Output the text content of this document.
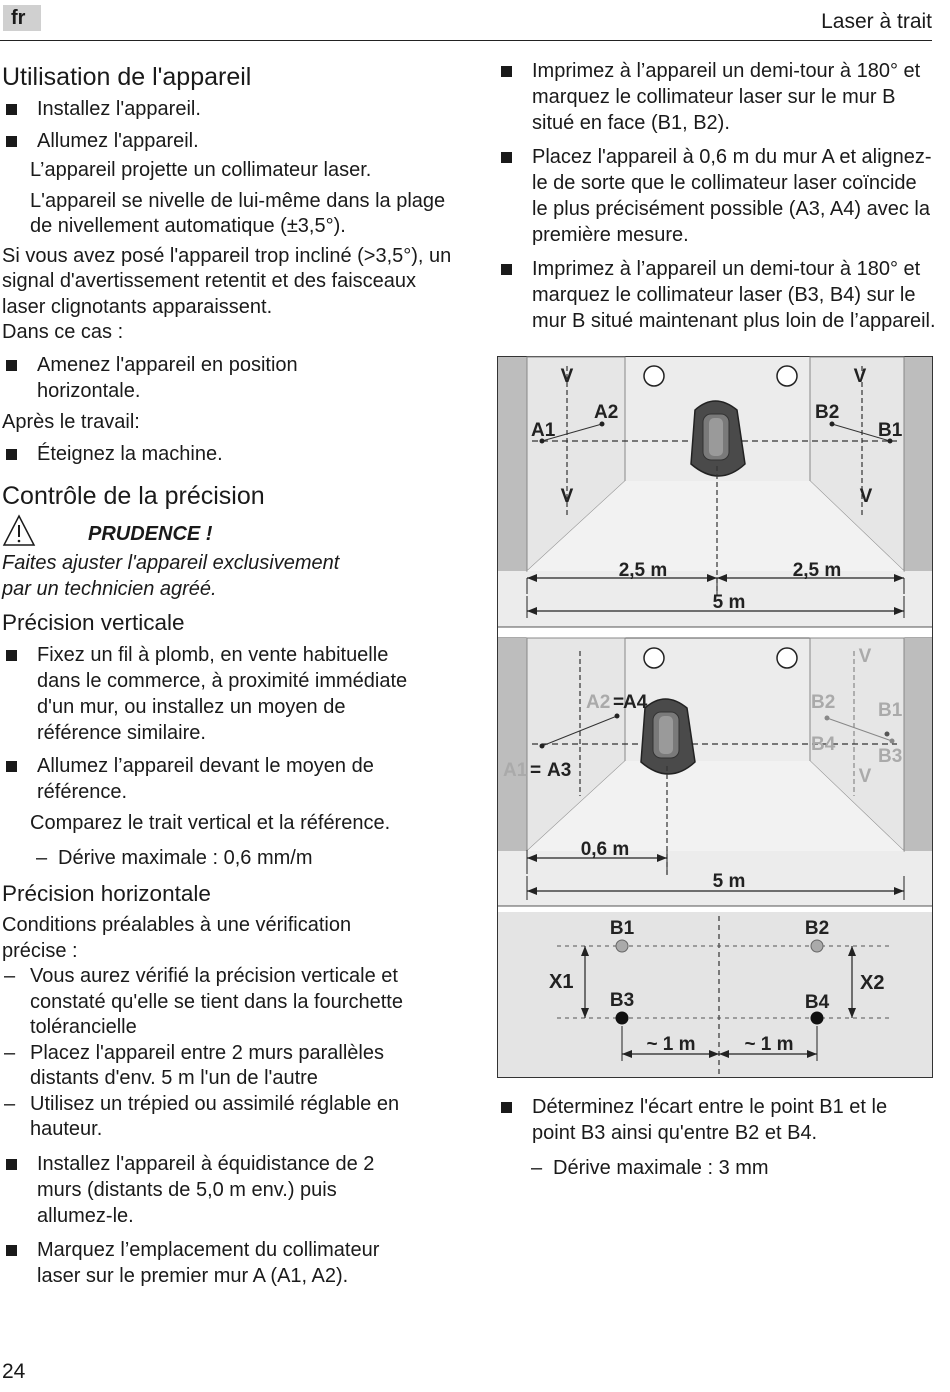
fr	Laser à trait
Utilisation de l'appareil
Installez l'appareil.
Allumez l'appareil.
L’appareil projette un collimateur laser.
L'appareil se nivelle de lui-même dans la plage de nivellement automatique (±3,5°).

Si vous avez posé l'appareil trop incliné (>3,5°), un signal d'avertissement retentit et des faisceaux laser clignotants apparaissent.

Dans ce cas :

Amenez l'appareil en position horizontale.

Après le travail:

Éteignez la machine.
Contrôle de la précision
PRUDENCE !

Faites ajuster l'appareil exclusivement par un technicien agréé.

Précision verticale
Fixez un fil à plomb, en vente habituelle dans le commerce, à proximité immédiate d'un mur, ou installez un moyen de référence similaire.
Allumez l’appareil devant le moyen de référence.
Comparez le trait vertical et la référence.
– Dérive maximale : 0,6 mm/m
Précision horizontale

Conditions préalables à une vérification précise :

– Vous aurez vérifié la précision verticale et constaté qu'elle se tient dans la fourchette tolérancielle
– Placez l'appareil entre 2 murs parallèles distants d'env. 5 m l'un de l'autre
– Utilisez un trépied ou assimilé réglable en hauteur.
Installez l'appareil à équidistance de 2 murs (distants de 5,0 m env.) puis allumez-le.
Marquez l’emplacement du collimateur laser sur le premier mur A (A1, A2).
Imprimez à l’appareil un demi-tour à 180° et marquez le collimateur laser sur le mur B situé en face (B1, B2).
Placez l'appareil à 0,6 m du mur A et alignez-le de sorte que le collimateur laser coïncide le plus précisément possible (A3, A4) avec la première mesure.
Imprimez à l’appareil un demi-tour à 180° et marquez le collimateur laser (B3, B4) sur le mur B situé maintenant plus loin de l’appareil.
V	V
V	V
A1
A2	B2
B1
2,5 m	2,5 m
5 m
A2 =
A4
A1 = A3
B2 B1
B4
B3
V
V
0,6 m
5 m
B1	B2
B3	B4
X1	X2
~ 1 m	~ 1 m
Déterminez l'écart entre le point B1 et le point B3 ainsi qu'entre B2 et B4.
– Dérive maximale : 3 mm
24
